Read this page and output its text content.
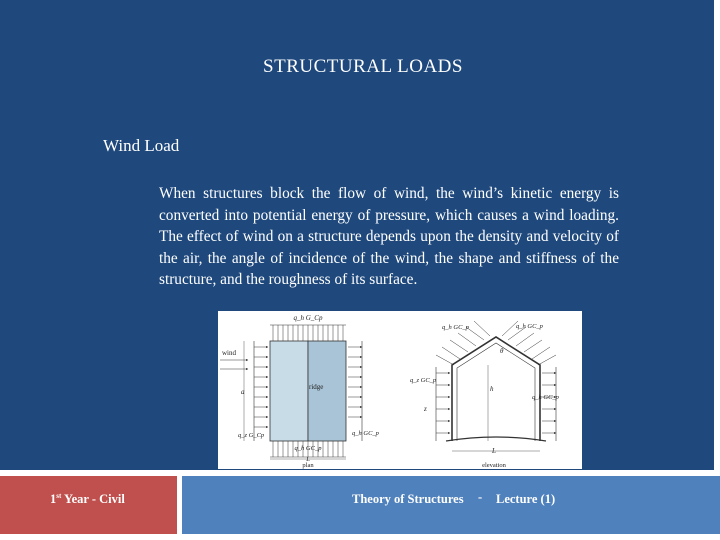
STRUCTURAL LOADS
Wind Load
When structures block the flow of wind, the wind’s kinetic energy is converted into potential energy of pressure, which causes a wind loading. The effect of wind on a structure depends upon the density and velocity of the air, the angle of incidence of the wind, the shape and stiffness of the structure, and the roughness of its surface.
q_h G_Cp
q_h GC_p
wind
a
q_z G_Cp	q_h GC_p
ridge
L
plan
q_h GC_p	q_h GC_p
θ
q_z GC_p
z
q_h GC_p
h
L
elevation
1st Year - Civil	Theory of Structures - Lecture (1)
